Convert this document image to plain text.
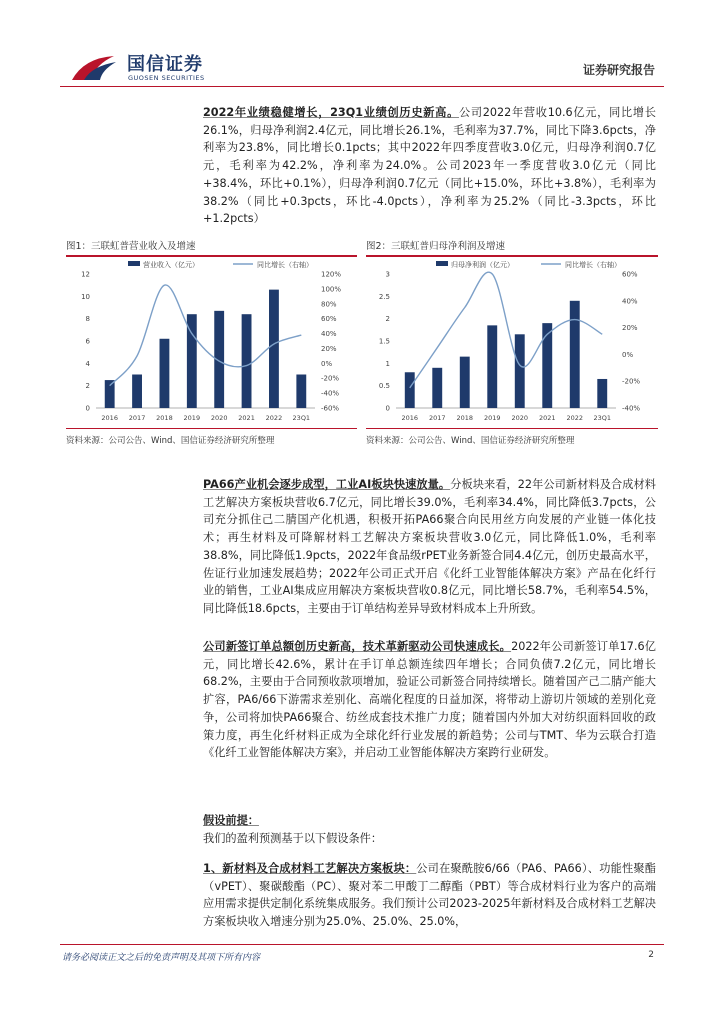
国信证券
GUOSEN SECURITIES
证券研究报告
2022年业绩稳健增长，23Q1业绩创历史新高。公司2022年营收10.6亿元，同比增长26.1%，归母净利润2.4亿元，同比增长26.1%，毛利率为37.7%，同比下降3.6pcts，净利率为23.8%，同比增长0.1pcts；其中2022年四季度营收3.0亿元，归母净利润0.7亿元，毛利率为42.2%，净利率为24.0%。公司2023年一季度营收3.0亿元（同比+38.4%，环比+0.1%），归母净利润0.7亿元（同比+15.0%，环比+3.8%），毛利率为38.2%（同比+0.3pcts，环比-4.0pcts），净利率为25.2%（同比-3.3pcts，环比+1.2pcts）
图1：三联虹普营业收入及增速
营业收入（亿元）	同比增长（右轴）
0
2
4
6
8
10
12
-60%
-40%
-20%
0%
20%
40%
60%
80%
100%
120%
2016 2017 2018 2019 2020 2021 2022 23Q1
资料来源：公司公告、Wind、国信证券经济研究所整理
图2：三联虹普归母净利润及增速
归母净利润（亿元）	同比增长（右轴）
0
0.5
1
1.5
2
2.5
3
-40%
-20%
0%
20%
40%
60%
2016 2017 2018 2019 2020 2021 2022 23Q1
资料来源：公司公告、Wind、国信证券经济研究所整理
PA66产业机会逐步成型，工业AI板块快速放量。分板块来看，22年公司新材料及合成材料工艺解决方案板块营收6.7亿元，同比增长39.0%，毛利率34.4%，同比降低3.7pcts，公司充分抓住己二腈国产化机遇，积极开拓PA66聚合向民用丝方向发展的产业链一体化技术；再生材料及可降解材料工艺解决方案板块营收3.0亿元，同比降低1.0%，毛利率38.8%，同比降低1.9pcts，2022年食品级rPET业务新签合同4.4亿元，创历史最高水平，佐证行业加速发展趋势；2022年公司正式开启《化纤工业智能体解决方案》产品在化纤行业的销售，工业AI集成应用解决方案板块营收0.8亿元，同比增长58.7%，毛利率54.5%，同比降低18.6pcts，主要由于订单结构差异导致材料成本上升所致。
公司新签订单总额创历史新高，技术革新驱动公司快速成长。2022年公司新签订单17.6亿元，同比增长42.6%，累计在手订单总额连续四年增长；合同负债7.2亿元，同比增长68.2%，主要由于合同预收款项增加，验证公司新签合同持续增长。随着国产己二腈产能大扩容，PA6/66下游需求差别化、高端化程度的日益加深，将带动上游切片领域的差别化竞争，公司将加快PA66聚合、纺丝成套技术推广力度；随着国内外加大对纺织面料回收的政策力度，再生化纤材料正成为全球化纤行业发展的新趋势；公司与TMT、华为云联合打造《化纤工业智能体解决方案》，并启动工业智能体解决方案跨行业研发。
假设前提：
我们的盈利预测基于以下假设条件：
1、新材料及合成材料工艺解决方案板块：公司在聚酰胺6/66（PA6、PA66）、功能性聚酯（vPET）、聚碳酸酯（PC）、聚对苯二甲酸丁二醇酯（PBT）等合成材料行业为客户的高端应用需求提供定制化系统集成服务。我们预计公司2023-2025年新材料及合成材料工艺解决方案板块收入增速分别为25.0%、25.0%、25.0%，
请务必阅读正文之后的免责声明及其项下所有内容	2
